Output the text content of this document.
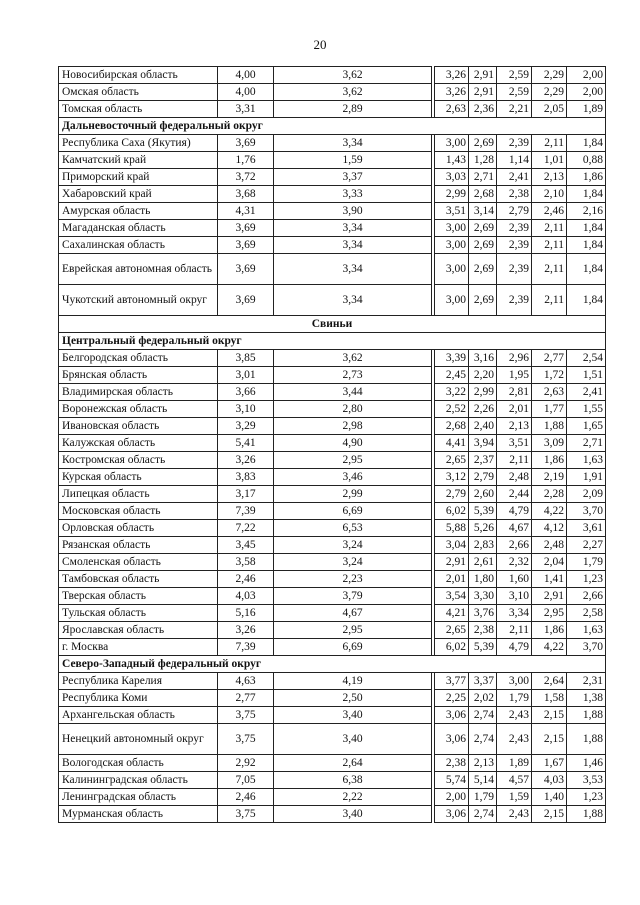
20
Новосибирская область	4,00	3,62		3,26	2,91	2,59	2,29	2,00
Омская область	4,00	3,62		3,26	2,91	2,59	2,29	2,00
Томская область	3,31	2,89		2,63	2,36	2,21	2,05	1,89
Дальневосточный федеральный округ								
Республика Саха (Якутия)	3,69	3,34		3,00	2,69	2,39	2,11	1,84
Камчатский край	1,76	1,59		1,43	1,28	1,14	1,01	0,88
Приморский край	3,72	3,37		3,03	2,71	2,41	2,13	1,86
Хабаровский край	3,68	3,33		2,99	2,68	2,38	2,10	1,84
Амурская область	4,31	3,90		3,51	3,14	2,79	2,46	2,16
Магаданская область	3,69	3,34		3,00	2,69	2,39	2,11	1,84
Сахалинская область	3,69	3,34		3,00	2,69	2,39	2,11	1,84
Еврейская автономная область	3,69	3,34		3,00	2,69	2,39	2,11	1,84
Чукотский автономный округ	3,69	3,34		3,00	2,69	2,39	2,11	1,84
Свиньи								
Центральный федеральный округ								
Белгородская область	3,85	3,62		3,39	3,16	2,96	2,77	2,54
Брянская область	3,01	2,73		2,45	2,20	1,95	1,72	1,51
Владимирская область	3,66	3,44		3,22	2,99	2,81	2,63	2,41
Воронежская область	3,10	2,80		2,52	2,26	2,01	1,77	1,55
Ивановская область	3,29	2,98		2,68	2,40	2,13	1,88	1,65
Калужская область	5,41	4,90		4,41	3,94	3,51	3,09	2,71
Костромская область	3,26	2,95		2,65	2,37	2,11	1,86	1,63
Курская область	3,83	3,46		3,12	2,79	2,48	2,19	1,91
Липецкая область	3,17	2,99		2,79	2,60	2,44	2,28	2,09
Московская область	7,39	6,69		6,02	5,39	4,79	4,22	3,70
Орловская область	7,22	6,53		5,88	5,26	4,67	4,12	3,61
Рязанская область	3,45	3,24		3,04	2,83	2,66	2,48	2,27
Смоленская область	3,58	3,24		2,91	2,61	2,32	2,04	1,79
Тамбовская область	2,46	2,23		2,01	1,80	1,60	1,41	1,23
Тверская область	4,03	3,79		3,54	3,30	3,10	2,91	2,66
Тульская область	5,16	4,67		4,21	3,76	3,34	2,95	2,58
Ярославская область	3,26	2,95		2,65	2,38	2,11	1,86	1,63
г. Москва	7,39	6,69		6,02	5,39	4,79	4,22	3,70
Северо-Западный федеральный округ								
Республика Карелия	4,63	4,19		3,77	3,37	3,00	2,64	2,31
Республика Коми	2,77	2,50		2,25	2,02	1,79	1,58	1,38
Архангельская область	3,75	3,40		3,06	2,74	2,43	2,15	1,88
Ненецкий автономный округ	3,75	3,40		3,06	2,74	2,43	2,15	1,88
Вологодская область	2,92	2,64		2,38	2,13	1,89	1,67	1,46
Калининградская область	7,05	6,38		5,74	5,14	4,57	4,03	3,53
Ленинградская область	2,46	2,22		2,00	1,79	1,59	1,40	1,23
Мурманская область	3,75	3,40		3,06	2,74	2,43	2,15	1,88
